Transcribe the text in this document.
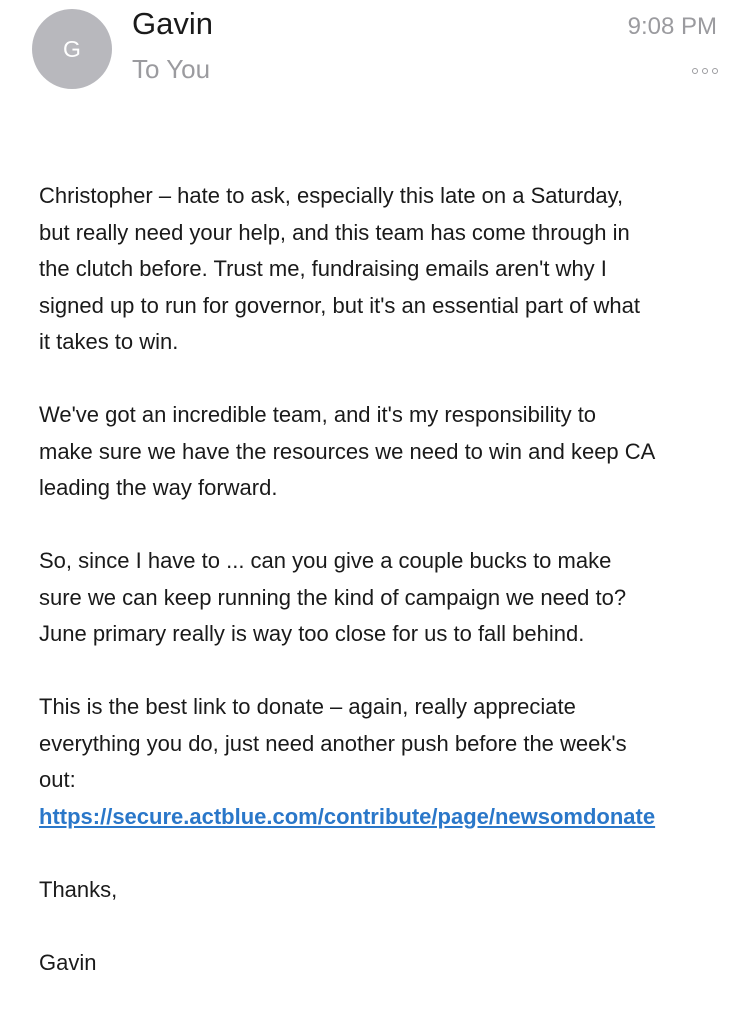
G
Gavin
To You
9:08 PM

Christopher – hate to ask, especially this late on a Saturday,
but really need your help, and this team has come through in
the clutch before. Trust me, fundraising emails aren't why I
signed up to run for governor, but it's an essential part of what
it takes to win.

We've got an incredible team, and it's my responsibility to
make sure we have the resources we need to win and keep CA
leading the way forward.

So, since I have to ... can you give a couple bucks to make
sure we can keep running the kind of campaign we need to?
June primary really is way too close for us to fall behind.

This is the best link to donate – again, really appreciate
everything you do, just need another push before the week's
out:
https://secure.actblue.com/contribute/page/newsomdonate

Thanks,

Gavin
